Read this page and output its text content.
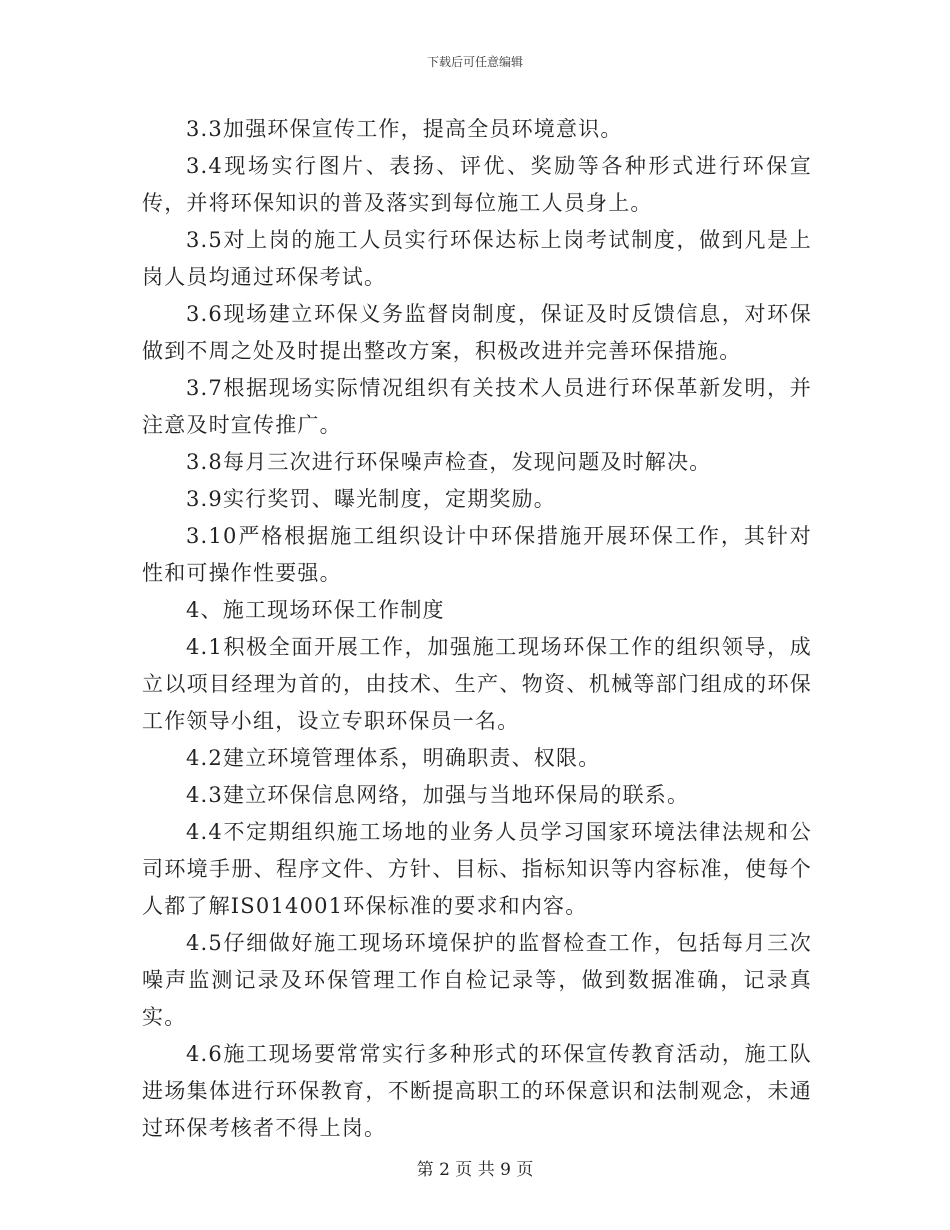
下载后可任意编辑

3.3加强环保宣传工作，提高全员环境意识。

3.4现场实行图片、表扬、评优、奖励等各种形式进行环保宣传，并将环保知识的普及落实到每位施工人员身上。

3.5对上岗的施工人员实行环保达标上岗考试制度，做到凡是上岗人员均通过环保考试。

3.6现场建立环保义务监督岗制度，保证及时反馈信息，对环保做到不周之处及时提出整改方案，积极改进并完善环保措施。

3.7根据现场实际情况组织有关技术人员进行环保革新发明，并注意及时宣传推广。

3.8每月三次进行环保噪声检查，发现问题及时解决。

3.9实行奖罚、曝光制度，定期奖励。

3.10严格根据施工组织设计中环保措施开展环保工作，其针对性和可操作性要强。

4、施工现场环保工作制度

4.1积极全面开展工作，加强施工现场环保工作的组织领导，成立以项目经理为首的，由技术、生产、物资、机械等部门组成的环保工作领导小组，设立专职环保员一名。

4.2建立环境管理体系，明确职责、权限。

4.3建立环保信息网络，加强与当地环保局的联系。

4.4不定期组织施工场地的业务人员学习国家环境法律法规和公司环境手册、程序文件、方针、目标、指标知识等内容标准，使每个人都了解IS014001环保标准的要求和内容。

4.5仔细做好施工现场环境保护的监督检查工作，包括每月三次噪声监测记录及环保管理工作自检记录等，做到数据准确，记录真实。

4.6施工现场要常常实行多种形式的环保宣传教育活动，施工队进场集体进行环保教育，不断提高职工的环保意识和法制观念，未通过环保考核者不得上岗。

第 2 页 共 9 页
